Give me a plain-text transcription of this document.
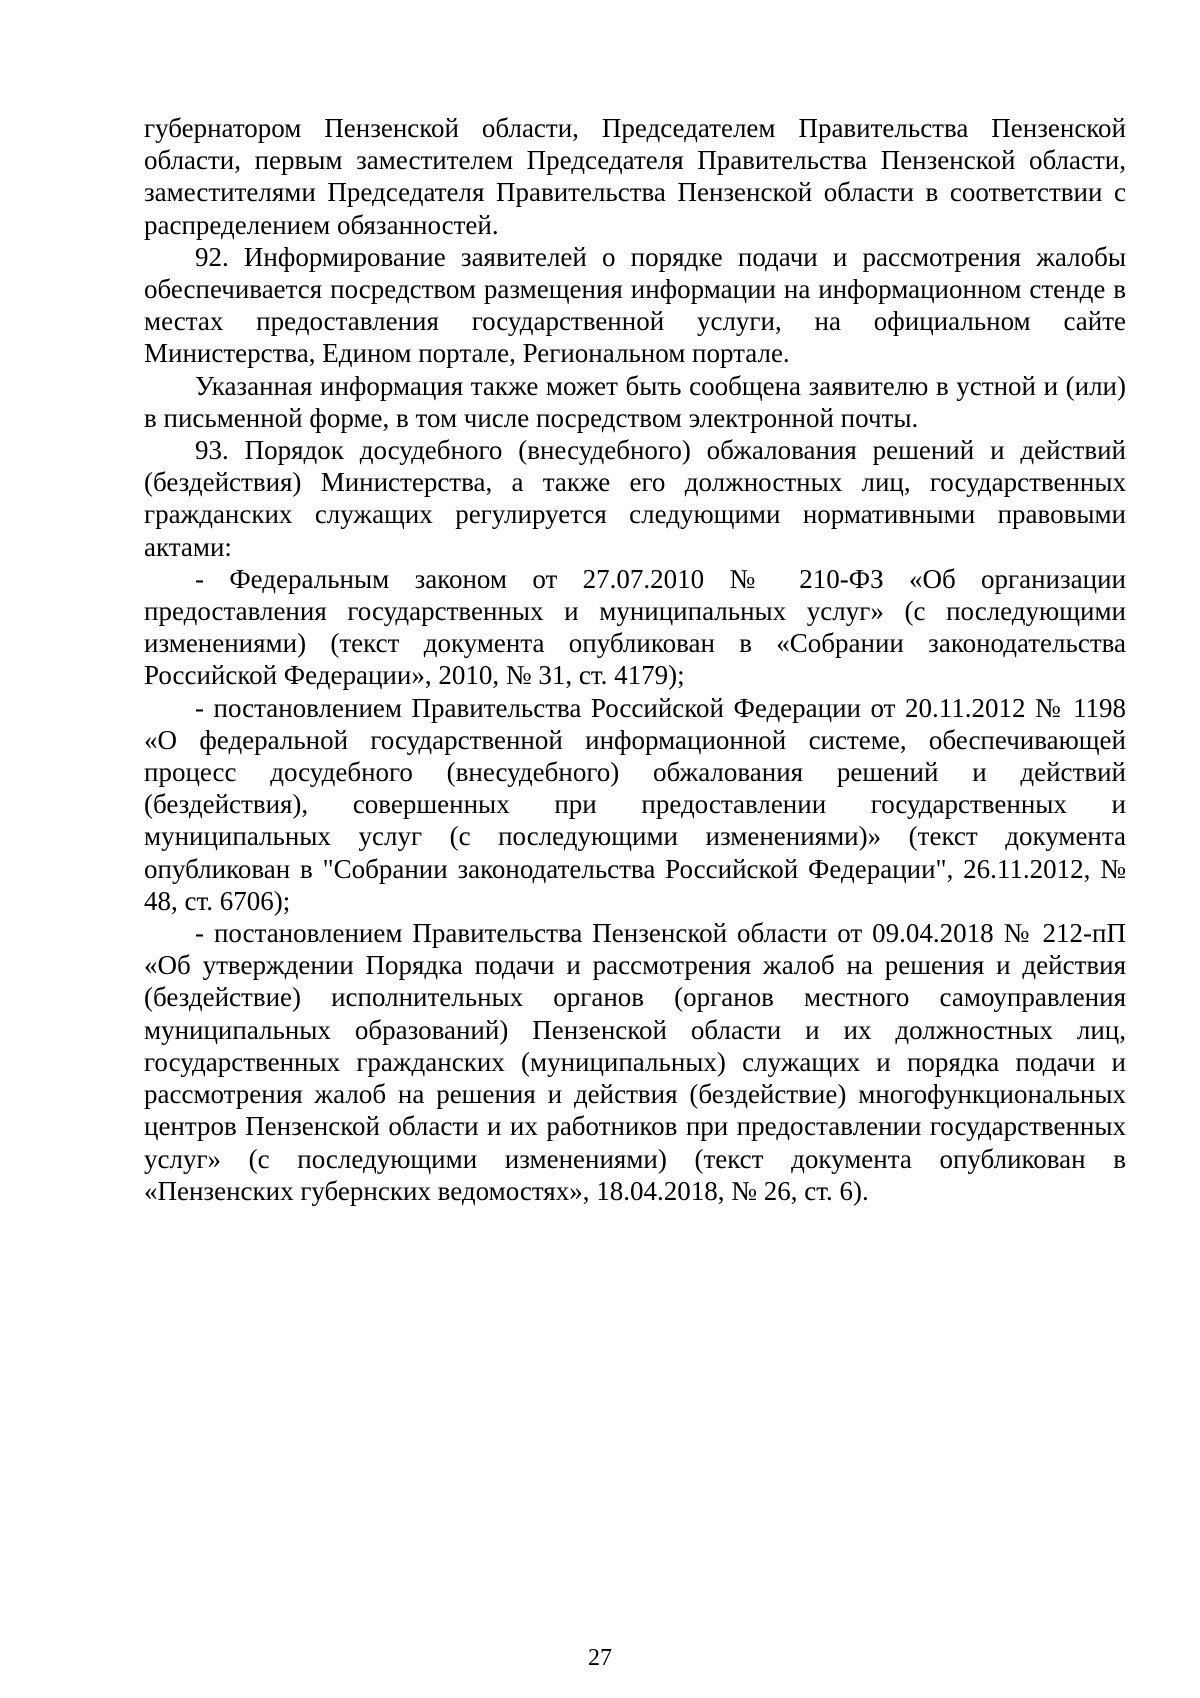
губернатором Пензенской области, Председателем Правительства Пензенской области, первым заместителем Председателя Правительства Пензенской области, заместителями Председателя Правительства Пензенской области в соответствии с распределением обязанностей.

92. Информирование заявителей о порядке подачи и рассмотрения жалобы обеспечивается посредством размещения информации на информационном стенде в местах предоставления государственной услуги, на официальном сайте Министерства, Едином портале, Региональном портале.

Указанная информация также может быть сообщена заявителю в устной и (или) в письменной форме, в том числе посредством электронной почты.

93. Порядок досудебного (внесудебного) обжалования решений и действий (бездействия) Министерства, а также его должностных лиц, государственных гражданских служащих регулируется следующими нормативными правовыми актами:

- Федеральным законом от 27.07.2010 № 210-ФЗ «Об организации предоставления государственных и муниципальных услуг» (с последующими изменениями) (текст документа опубликован в «Собрании законодательства Российской Федерации», 2010, № 31, ст. 4179);

- постановлением Правительства Российской Федерации от 20.11.2012 № 1198 «О федеральной государственной информационной системе, обеспечивающей процесс досудебного (внесудебного) обжалования решений и действий (бездействия), совершенных при предоставлении государственных и муниципальных услуг (с последующими изменениями)» (текст документа опубликован в "Собрании законодательства Российской Федерации", 26.11.2012, № 48, ст. 6706);

- постановлением Правительства Пензенской области от 09.04.2018 № 212-пП «Об утверждении Порядка подачи и рассмотрения жалоб на решения и действия (бездействие) исполнительных органов (органов местного самоуправления муниципальных образований) Пензенской области и их должностных лиц, государственных гражданских (муниципальных) служащих и порядка подачи и рассмотрения жалоб на решения и действия (бездействие) многофункциональных центров Пензенской области и их работников при предоставлении государственных услуг» (с последующими изменениями) (текст документа опубликован в «Пензенских губернских ведомостях», 18.04.2018, № 26, ст. 6).

27
